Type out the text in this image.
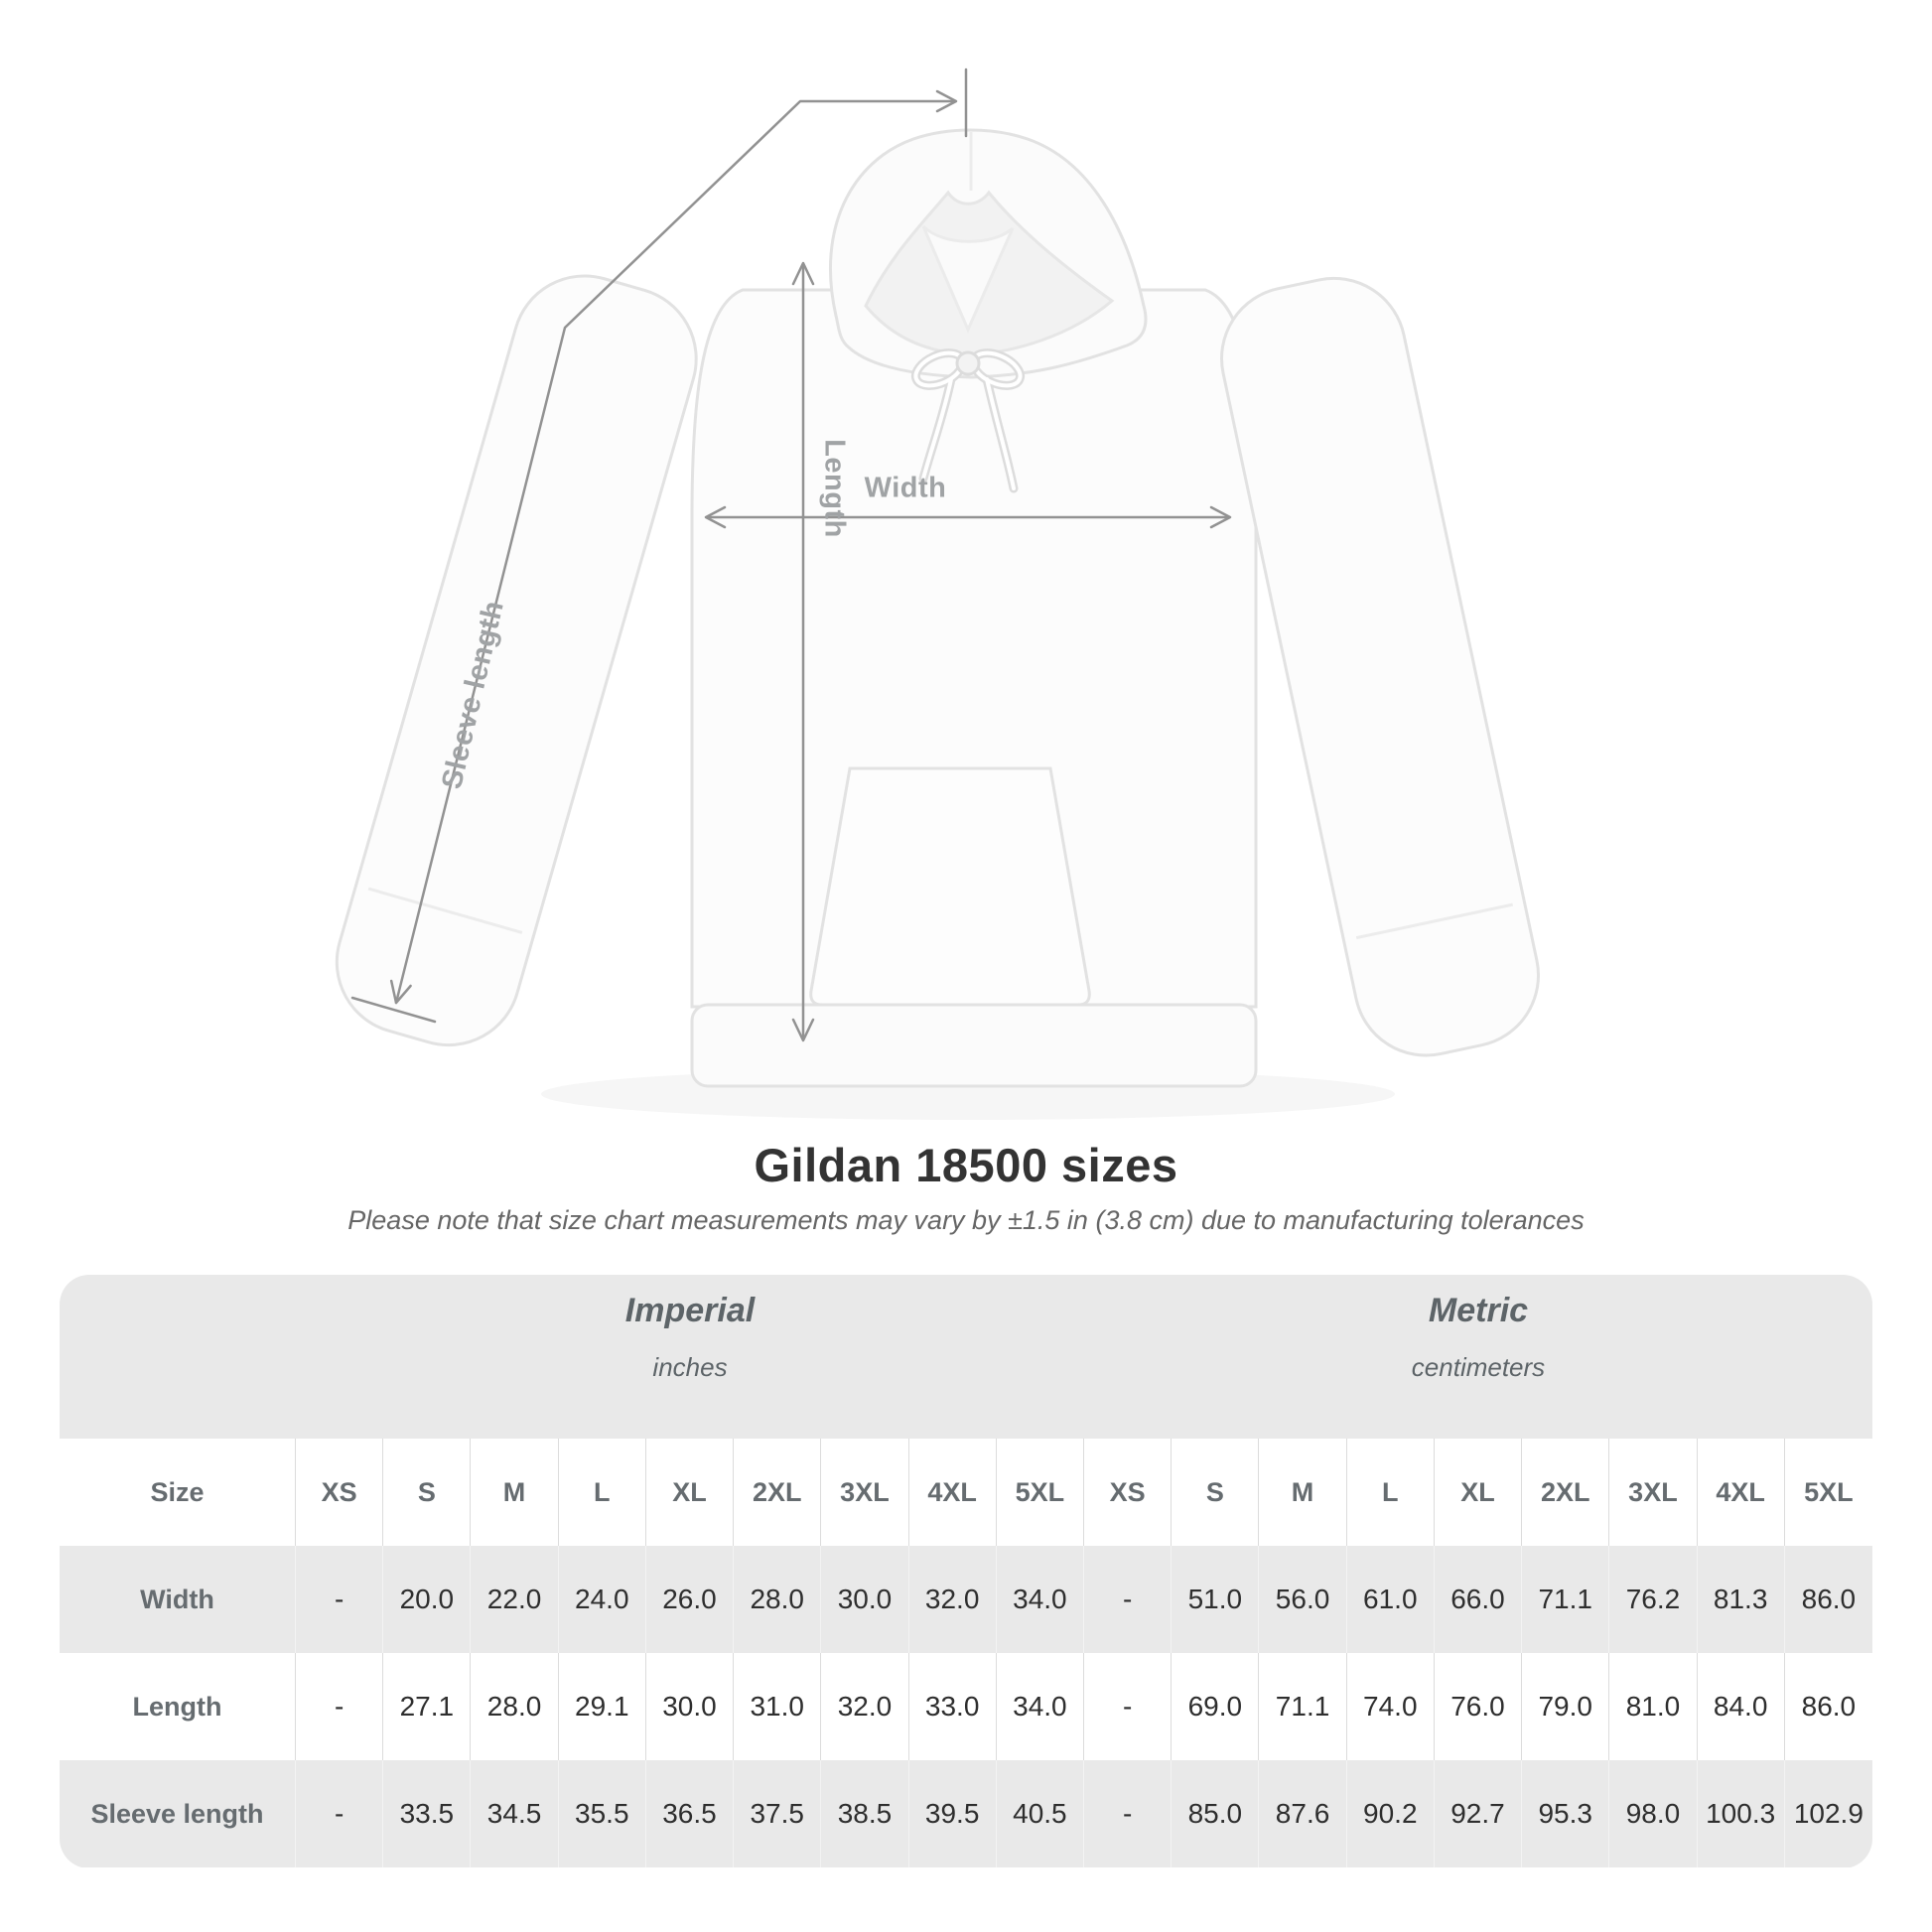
Length Width
Sleeve length
Gildan 18500 sizes
Please note that size chart measurements may vary by ±1.5 in (3.8 cm) due to manufacturing tolerances
Imperial
inches
Metric
centimeters
Size	XS	S	M	L	XL	2XL	3XL	4XL	5XL	XS	S	M	L	XL	2XL	3XL	4XL	5XL
Width	-	20.0	22.0	24.0	26.0	28.0	30.0	32.0	34.0	-	51.0	56.0	61.0	66.0	71.1	76.2	81.3	86.0
Length	-	27.1	28.0	29.1	30.0	31.0	32.0	33.0	34.0	-	69.0	71.1	74.0	76.0	79.0	81.0	84.0	86.0
Sleeve length	-	33.5	34.5	35.5	36.5	37.5	38.5	39.5	40.5	-	85.0	87.6	90.2	92.7	95.3	98.0 100.3 102.9
